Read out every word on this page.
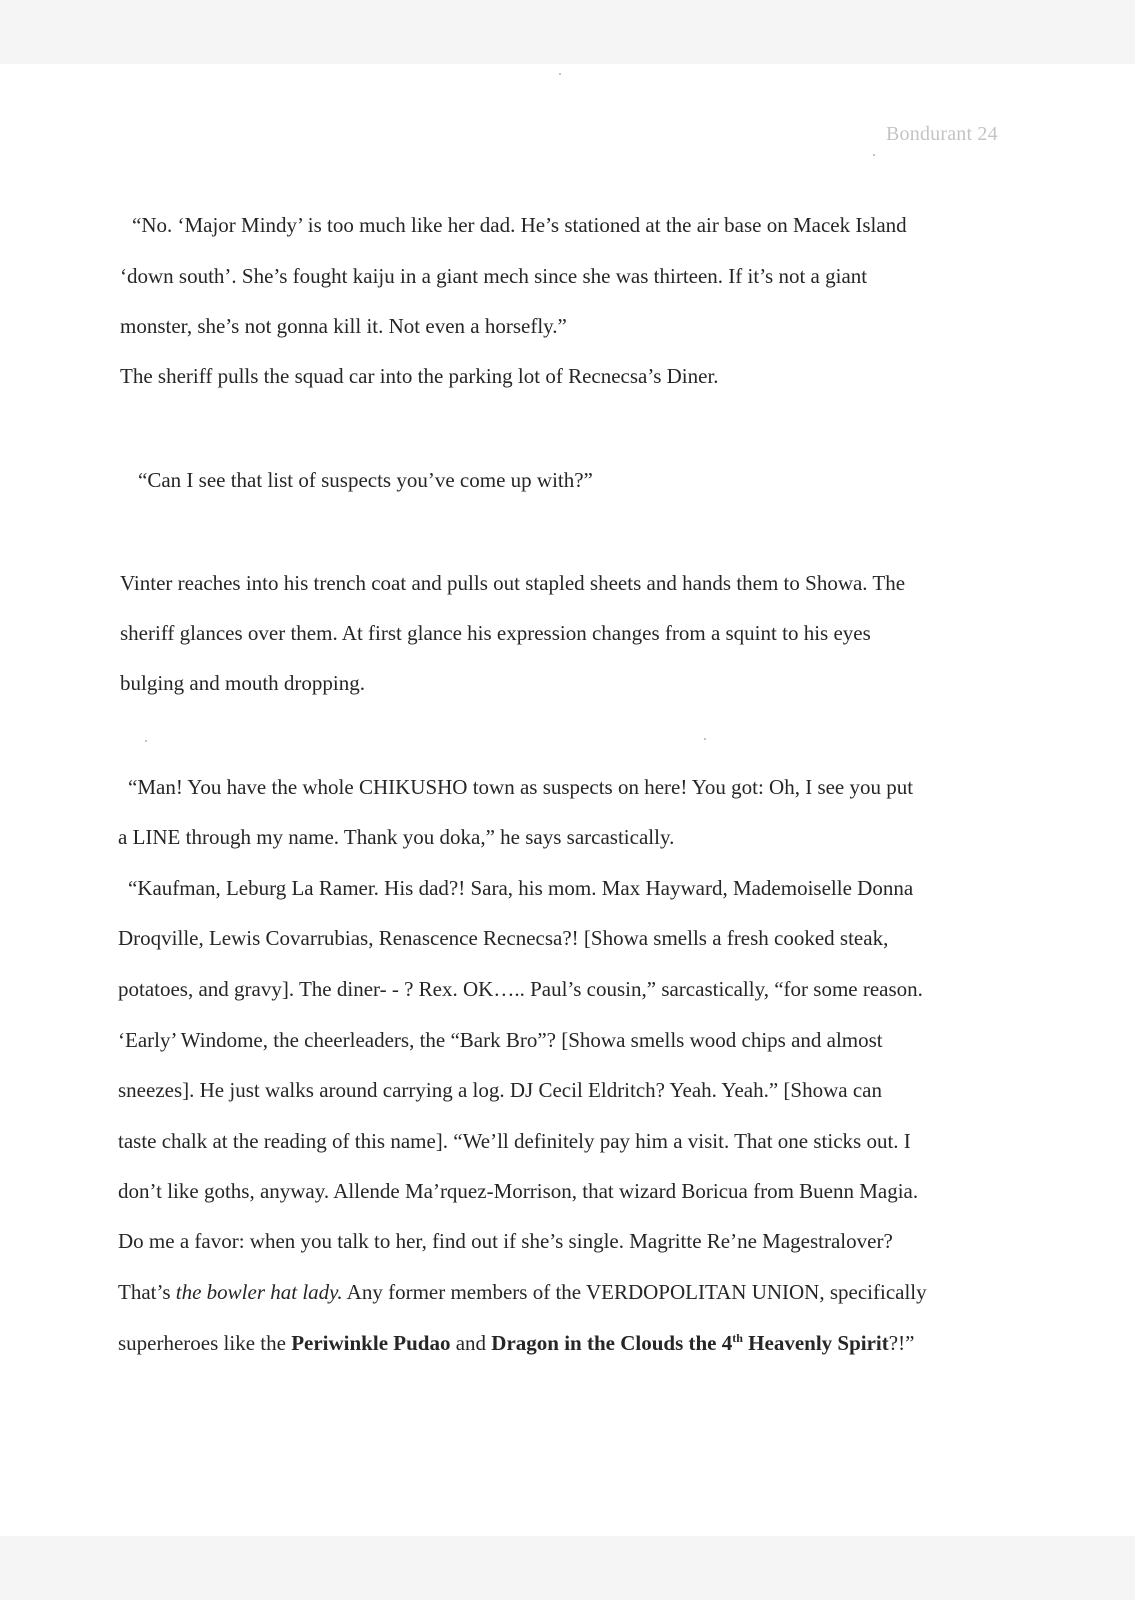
Bondurant 24
“No. ‘Major Mindy’ is too much like her dad. He’s stationed at the air base on Macek Island
‘down south’. She’s fought kaiju in a giant mech since she was thirteen. If it’s not a giant
monster, she’s not gonna kill it. Not even a horsefly.”
The sheriff pulls the squad car into the parking lot of Recnecsa’s Diner.
“Can I see that list of suspects you’ve come up with?”
Vinter reaches into his trench coat and pulls out stapled sheets and hands them to Showa. The
sheriff glances over them. At first glance his expression changes from a squint to his eyes
bulging and mouth dropping.
“Man! You have the whole CHIKUSHO town as suspects on here! You got: Oh, I see you put
a LINE through my name. Thank you doka,” he says sarcastically.
“Kaufman, Leburg La Ramer. His dad?! Sara, his mom. Max Hayward, Mademoiselle Donna
Droqville, Lewis Covarrubias, Renascence Recnecsa?! [Showa smells a fresh cooked steak,
potatoes, and gravy]. The diner- - ? Rex. OK….. Paul’s cousin,” sarcastically, “for some reason.
‘Early’ Windome, the cheerleaders, the “Bark Bro”? [Showa smells wood chips and almost
sneezes]. He just walks around carrying a log. DJ Cecil Eldritch? Yeah. Yeah.” [Showa can
taste chalk at the reading of this name]. “We’ll definitely pay him a visit. That one sticks out. I
don’t like goths, anyway. Allende Ma’rquez-Morrison, that wizard Boricua from Buenn Magia.
Do me a favor: when you talk to her, find out if she’s single. Magritte Re’ne Magestralover?
That’s the bowler hat lady. Any former members of the VERDOPOLITAN UNION, specifically
superheroes like the Periwinkle Pudao and Dragon in the Clouds the 4th Heavenly Spirit?!”
